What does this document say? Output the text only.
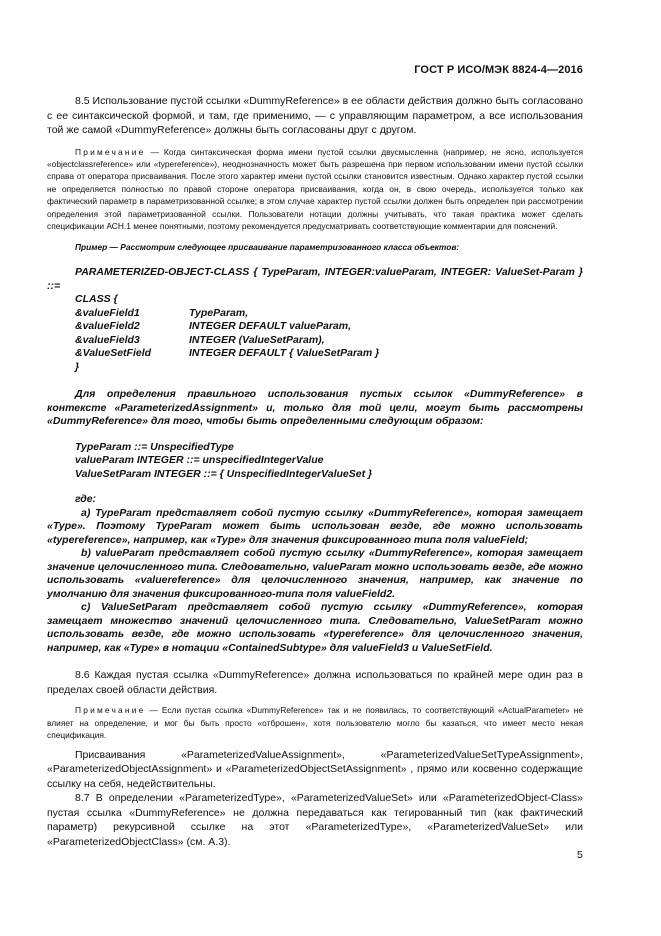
ГОСТ Р ИСО/МЭК 8824-4—2016

8.5 Использование пустой ссылки «DummyReference» в ее области действия должно быть согласовано с ее синтаксической формой, и там, где применимо, — с управляющим параметром, а все использования той же самой «DummyReference» должны быть согласованы друг с другом.

Примечание — Когда синтаксическая форма имени пустой ссылки двусмысленна (например, не ясно, используется «objectclassreference» или «typereference»), неоднозначность может быть разрешена при первом использовании имени пустой ссылки справа от оператора присваивания. После этого характер имени пустой ссылки становится известным. Однако характер пустой ссылки не определяется полностью по правой стороне оператора присваивания, когда он, в свою очередь, используется только как фактический параметр в параметризованной ссылке; в этом случае характер пустой ссылки должен быть определен при рассмотрении определения этой параметризованной ссылки. Пользователи нотации должны учитывать, что такая практика может сделать спецификации АСН.1 менее понятными, поэтому рекомендуется предусматривать соответствующие комментарии для пояснений.

Пример — Рассмотрим следующее присваивание параметризованного класса объектов:

PARAMETERIZED-OBJECT-CLASS { TypeParam, INTEGER:valueParam, INTEGER: ValueSet-Param } ::=

CLASS {
&valueField1	TypeParam,
&valueField2	INTEGER DEFAULT valueParam,
&valueField3	INTEGER (ValueSetParam),
&ValueSetField	INTEGER DEFAULT { ValueSetParam }
}

Для определения правильного использования пустых ссылок «DummyReference» в контексте «ParameterizedAssignment» и, только для той цели, могут быть рассмотрены «DummyReference» для того, чтобы быть определенными следующим образом:

TypeParam ::= UnspecifiedType
valueParam INTEGER ::= unspecifiedIntegerValue
ValueSetParam INTEGER ::= { UnspecifiedIntegerValueSet }

где:

a) TypeParam представляет собой пустую ссылку «DummyReference», которая замещает «Type». Поэтому TypeParam может быть использован везде, где можно использовать «typereference», например, как «Type» для значения фиксированного типа поля valueField;

b) valueParam представляет собой пустую ссылку «DummyReference», которая замещает значение целочисленного типа. Следовательно, valueParam можно использовать везде, где можно использовать «valuereference» для целочисленного значения, например, как значение по умолчанию для значения фиксированного-типа поля valueField2.

c) ValueSetParam представляет собой пустую ссылку «DummyReference», которая замещает множество значений целочисленного типа. Следовательно, ValueSetParam можно использовать везде, где можно использовать «typereference» для целочисленного значения, например, как «Type» в нотации «ContainedSubtype» для valueField3 и ValueSetField.

8.6 Каждая пустая ссылка «DummyReference» должна использоваться по крайней мере один раз в пределах своей области действия.

Примечание — Если пустая ссылка «DummyReference» так и не появилась, то соответствующий «ActualParameter» не влияет на определение, и мог бы быть просто «отброшен», хотя пользователю могло бы казаться, что имеет место некая спецификация.

Присваивания «ParameterizedValueAssignment», «ParameterizedValueSetTypeAssignment», «ParameterizedObjectAssignment» и «ParameterizedObjectSetAssignment» , прямо или косвенно содержащие ссылку на себя, недействительны.

8.7 В определении «ParameterizedType», «ParameterizedValueSet» или «ParameterizedObject-Class» пустая ссылка «DummyReference» не должна передаваться как тегированный тип (как фактический параметр) рекурсивной ссылке на этот «ParameterizedType», «ParameterizedValueSet» или «ParameterizedObjectClass» (см. А.3).

5
